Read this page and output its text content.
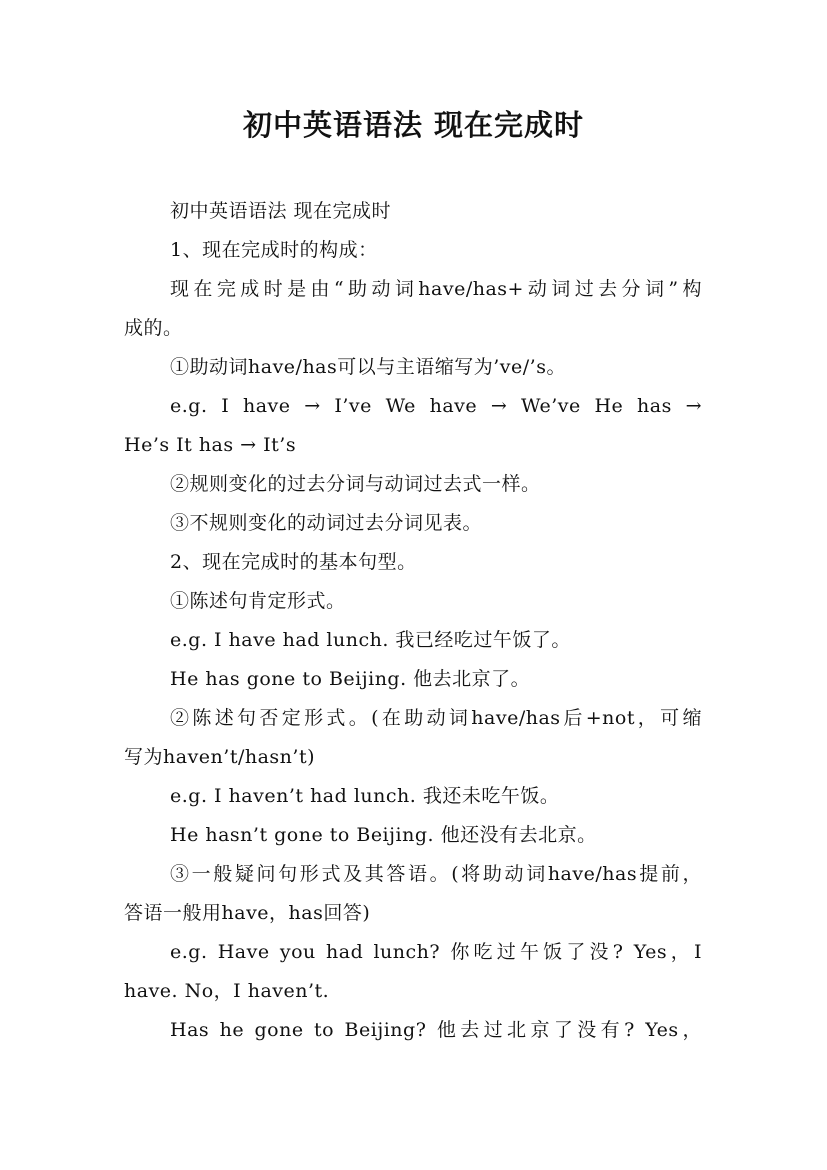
初中英语语法 现在完成时
初中英语语法 现在完成时
1、现在完成时的构成：
现在完成时是由“助动词have/has+动词过去分词”构
成的。
①助动词have/has可以与主语缩写为’ve/’s。
e.g. I have → I’ve We have → We’ve He has →
He’s It has → It’s
②规则变化的过去分词与动词过去式一样。
③不规则变化的动词过去分词见表。
2、现在完成时的基本句型。
①陈述句肯定形式。
e.g. I have had lunch. 我已经吃过午饭了。
He has gone to Beijing. 他去北京了。
②陈述句否定形式。(在助动词have/has后+not，可缩
写为haven’t/hasn’t)
e.g. I haven’t had lunch. 我还未吃午饭。
He hasn’t gone to Beijing. 他还没有去北京。
③一般疑问句形式及其答语。(将助动词have/has提前，
答语一般用have，has回答)
e.g. Have you had lunch? 你吃过午饭了没? Yes，I
have. No，I haven’t.
Has he gone to Beijing? 他去过北京了没有? Yes，
